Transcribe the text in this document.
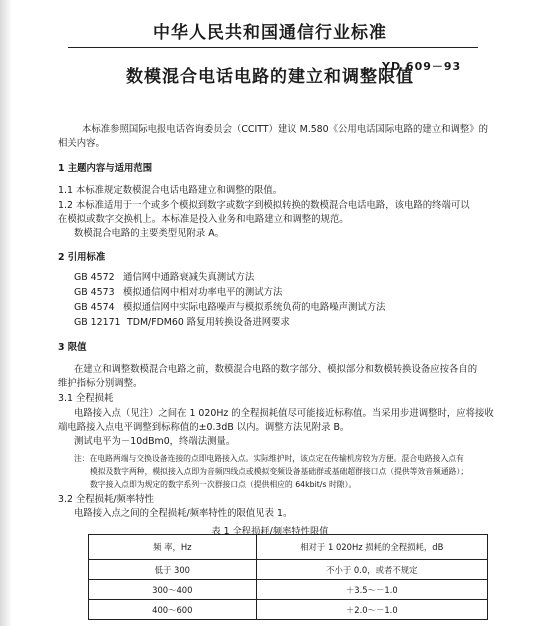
中华人民共和国通信行业标准
数模混合电话电路的建立和调整限值
YD 609－93
本标准参照国际电报电话咨询委员会（CCITT）建议 M.580《公用电话国际电路的建立和调整》的
相关内容。
1 主题内容与适用范围
1.1 本标准规定数模混合电话电路建立和调整的限值。
1.2 本标准适用于一个或多个模拟到数字或数字到模拟转换的数模混合电话电路，该电路的终端可以
在模拟或数字交换机上。本标准是投入业务和电路建立和调整的规范。
数模混合电路的主要类型见附录 A。
2 引用标准
GB 4572 通信网中通路衰减失真测试方法
GB 4573 模拟通信网中相对功率电平的测试方法
GB 4574 模拟通信网中实际电路噪声与模拟系统负荷的电路噪声测试方法
GB 12171 TDM/FDM60 路复用转换设备进网要求
3 限值
在建立和调整数模混合电路之前，数模混合电路的数字部分、模拟部分和数模转换设备应按各自的
维护指标分别调整。
3.1 全程损耗
电路接入点（见注）之间在 1 020Hz 的全程损耗值尽可能接近标称值。当采用步进调整时，应将接收
端电路接入点电平调整到标称值的±0.3dB 以内。调整方法见附录 B。
测试电平为－10dBm0，终端法测量。
注：在电路两端与交换设备连接的点即电路接入点。实际维护时，该点定在传输机房较为方便。混合电路接入点有
模拟及数字两种，模拟接入点即为音频四线点或模拟变频设备基础群或基础超群接口点（提供等效音频通路）；
数字接入点即为规定的数字系列一次群接口点（提供相应的 64kbit/s 时隙）。
3.2 全程损耗/频率特性
电路接入点之间的全程损耗/频率特性的限值见表 1。
表 1 全程损耗/频率特性限值
频 率，Hz	相对于 1 020Hz 损耗的全程损耗，dB
低于 300	不小于 0.0，或者不规定
300～400	＋3.5～－1.0
400～600	＋2.0～－1.0
